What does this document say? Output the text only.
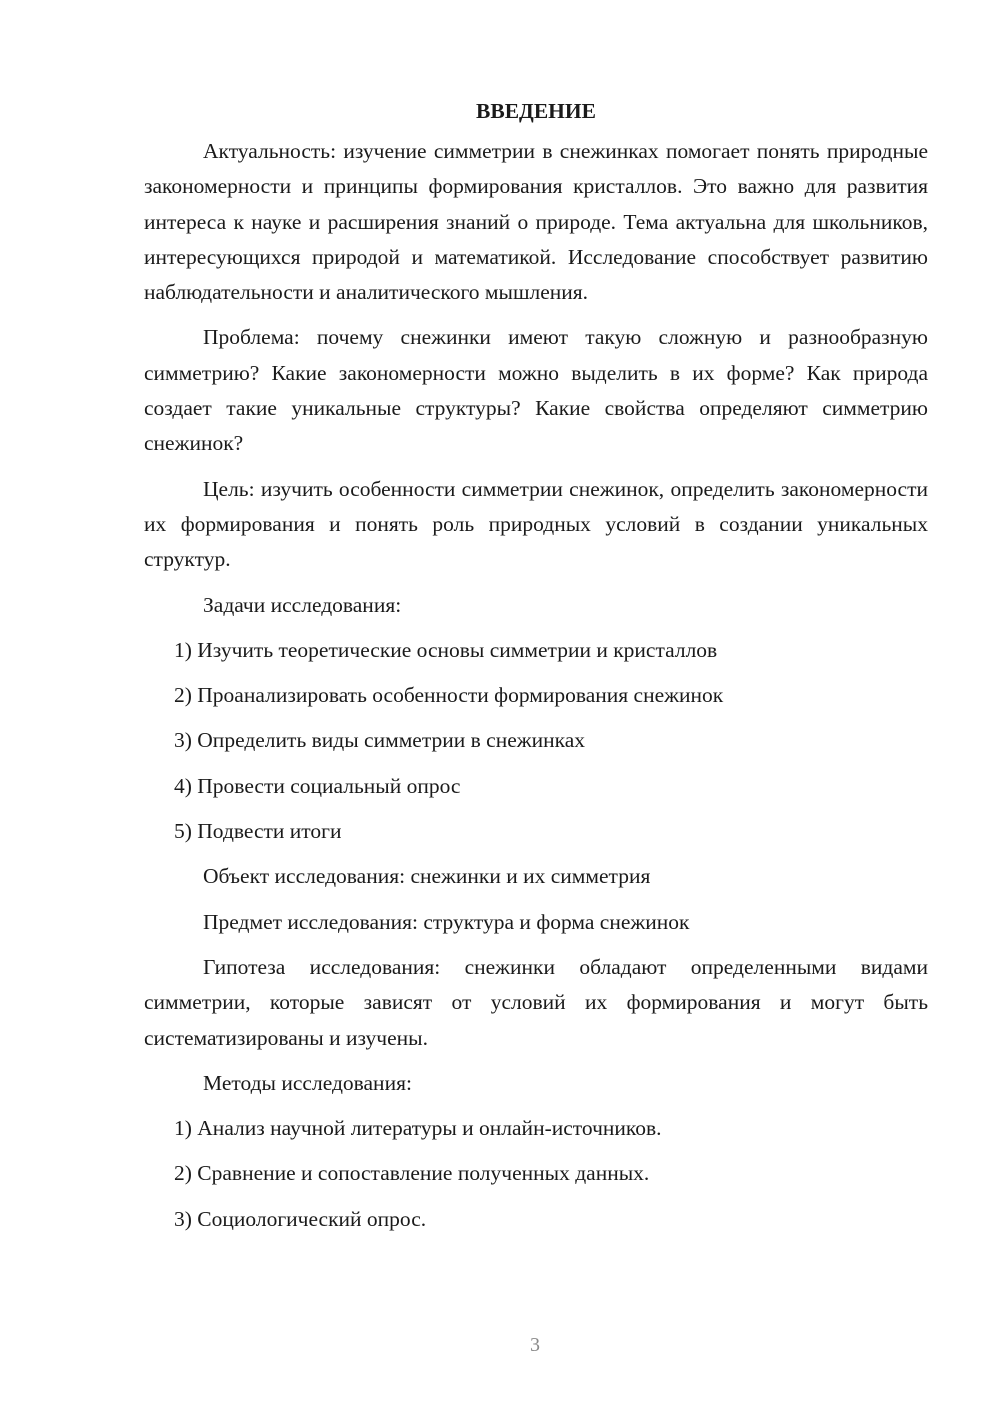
ВВЕДЕНИЕ

Актуальность: изучение симметрии в снежинках помогает понять природные закономерности и принципы формирования кристаллов. Это важно для развития интереса к науке и расширения знаний о природе. Тема актуальна для школьников, интересующихся природой и математикой. Исследование способствует развитию наблюдательности и аналитического мышления.

Проблема: почему снежинки имеют такую сложную и разнообразную симметрию? Какие закономерности можно выделить в их форме? Как природа создает такие уникальные структуры? Какие свойства определяют симметрию снежинок?

Цель: изучить особенности симметрии снежинок, определить закономерности их формирования и понять роль природных условий в создании уникальных структур.

Задачи исследования:
1) Изучить теоретические основы симметрии и кристаллов
2) Проанализировать особенности формирования снежинок
3) Определить виды симметрии в снежинках
4) Провести социальный опрос
5) Подвести итоги
Объект исследования: снежинки и их симметрия
Предмет исследования: структура и форма снежинок

Гипотеза исследования: снежинки обладают определенными видами симметрии, которые зависят от условий их формирования и могут быть систематизированы и изучены.

Методы исследования:
1) Анализ научной литературы и онлайн-источников.
2) Сравнение и сопоставление полученных данных.
3) Социологический опрос.
3
